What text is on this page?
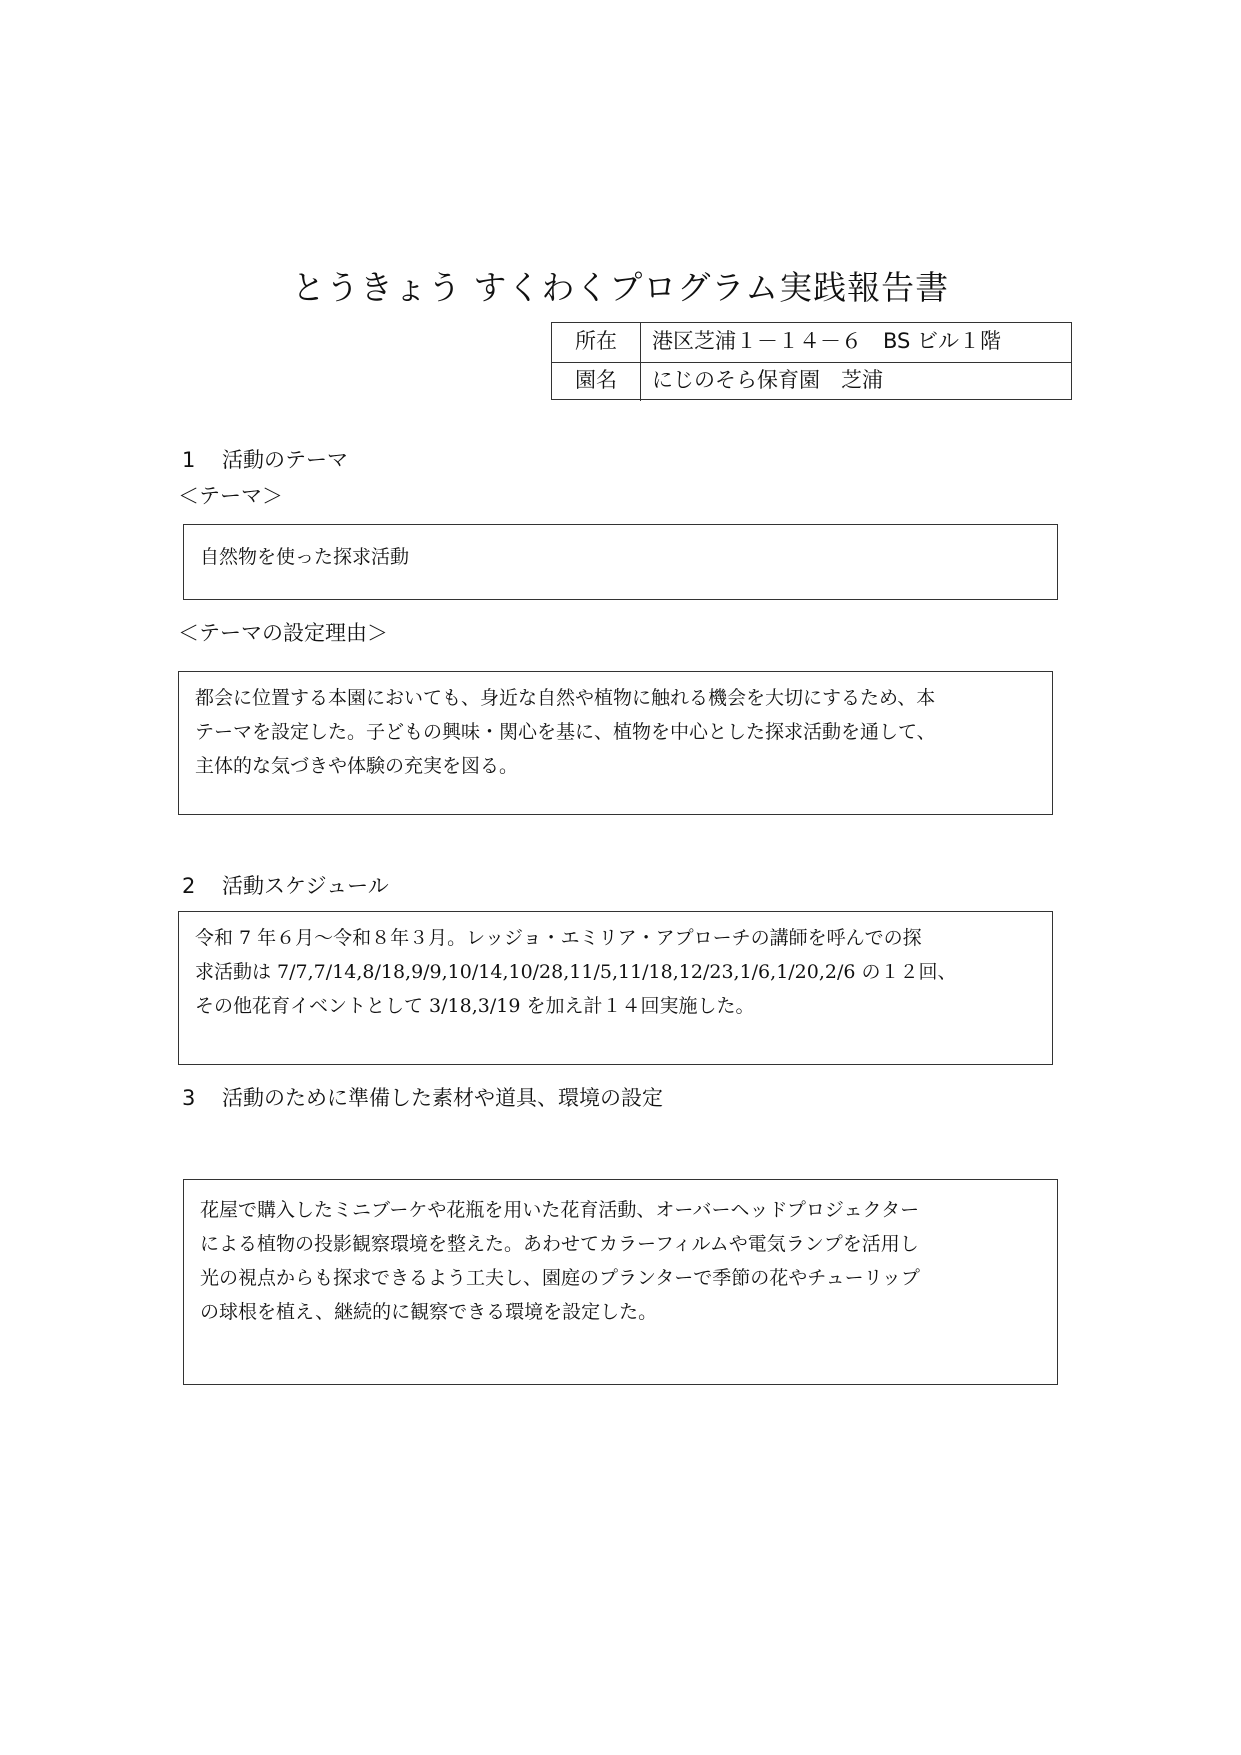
とうきょう すくわくプログラム実践報告書
所在	港区芝浦１－１４－６　BS ビル１階
園名	にじのそら保育園　芝浦
1 活動のテーマ
＜テーマ＞
自然物を使った探求活動
＜テーマの設定理由＞
都会に位置する本園においても、身近な自然や植物に触れる機会を大切にするため、本
テーマを設定した。子どもの興味・関心を基に、植物を中心とした探求活動を通して、
主体的な気づきや体験の充実を図る。
2 活動スケジュール
令和 7 年６月～令和８年３月。レッジョ・エミリア・アプローチの講師を呼んでの探
求活動は 7/7,7/14,8/18,9/9,10/14,10/28,11/5,11/18,12/23,1/6,1/20,2/6 の１２回、
その他花育イベントとして 3/18,3/19 を加え計１４回実施した。
3 活動のために準備した素材や道具、環境の設定
花屋で購入したミニブーケや花瓶を用いた花育活動、オーバーヘッドプロジェクター
による植物の投影観察環境を整えた。あわせてカラーフィルムや電気ランプを活用し
光の視点からも探求できるよう工夫し、園庭のプランターで季節の花やチューリップ
の球根を植え、継続的に観察できる環境を設定した。
